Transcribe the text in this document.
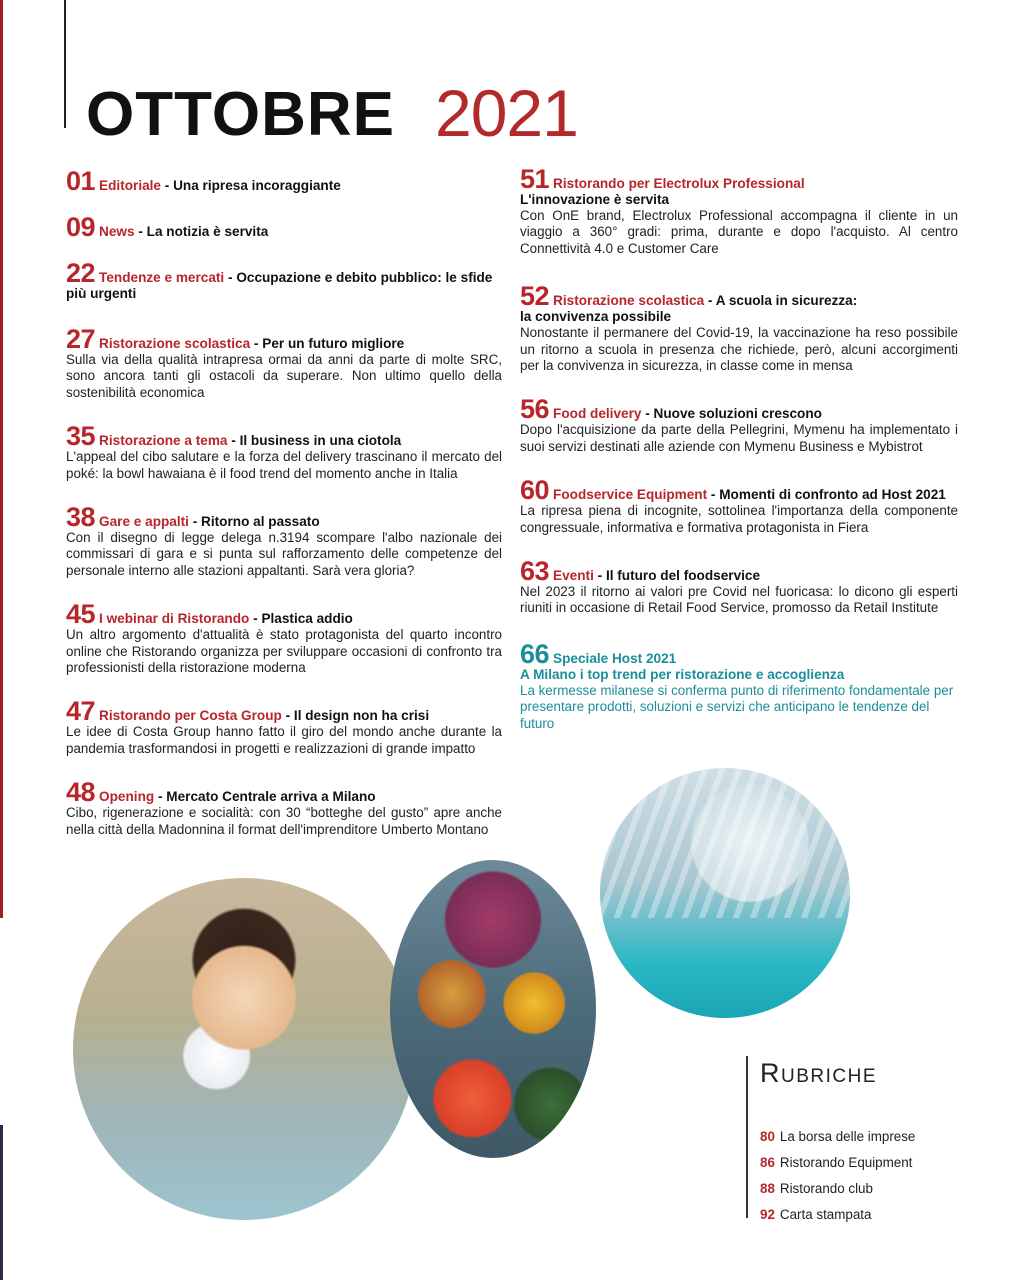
OTTOBRE 2021
01 Editoriale - Una ripresa incoraggiante
09 News - La notizia è servita
22 Tendenze e mercati - Occupazione e debito pubblico: le sfide più urgenti
27 Ristorazione scolastica - Per un futuro migliore
Sulla via della qualità intrapresa ormai da anni da parte di molte SRC, sono ancora tanti gli ostacoli da superare. Non ultimo quello della sostenibilità economica
35 Ristorazione a tema - Il business in una ciotola
L'appeal del cibo salutare e la forza del delivery trascinano il mercato del poké: la bowl hawaiana è il food trend del momento anche in Italia
38 Gare e appalti - Ritorno al passato
Con il disegno di legge delega n.3194 scompare l'albo nazionale dei commissari di gara e si punta sul rafforzamento delle competenze del personale interno alle stazioni appaltanti. Sarà vera gloria?
45 I webinar di Ristorando - Plastica addio
Un altro argomento d'attualità è stato protagonista del quarto incontro online che Ristorando organizza per sviluppare occasioni di confronto tra professionisti della ristorazione moderna
47 Ristorando per Costa Group - Il design non ha crisi
Le idee di Costa Group hanno fatto il giro del mondo anche durante la pandemia trasformandosi in progetti e realizzazioni di grande impatto
48 Opening - Mercato Centrale arriva a Milano
Cibo, rigenerazione e socialità: con 30 “botteghe del gusto” apre anche nella città della Madonnina il format dell'imprenditore Umberto Montano
51 Ristorando per Electrolux Professional
L'innovazione è servita
Con OnE brand, Electrolux Professional accompagna il cliente in un viaggio a 360° gradi: prima, durante e dopo l'acquisto. Al centro Connettività 4.0 e Customer Care
52 Ristorazione scolastica - A scuola in sicurezza:
la convivenza possibile
Nonostante il permanere del Covid-19, la vaccinazione ha reso possibile un ritorno a scuola in presenza che richiede, però, alcuni accorgimenti per la convivenza in sicurezza, in classe come in mensa
56 Food delivery - Nuove soluzioni crescono
Dopo l'acquisizione da parte della Pellegrini, Mymenu ha implementato i suoi servizi destinati alle aziende con Mymenu Business e Mybistrot
60 Foodservice Equipment - Momenti di confronto ad Host 2021
La ripresa piena di incognite, sottolinea l'importanza della componente congressuale, informativa e formativa protagonista in Fiera
63 Eventi - Il futuro del foodservice
Nel 2023 il ritorno ai valori pre Covid nel fuoricasa: lo dicono gli esperti riuniti in occasione di Retail Food Service, promosso da Retail Institute
66 Speciale Host 2021
A Milano i top trend per ristorazione e accoglienza
La kermesse milanese si conferma punto di riferimento fondamentale per presentare prodotti, soluzioni e servizi che anticipano le tendenze del futuro
Rubriche
80 La borsa delle imprese
86 Ristorando Equipment
88 Ristorando club
92 Carta stampata
